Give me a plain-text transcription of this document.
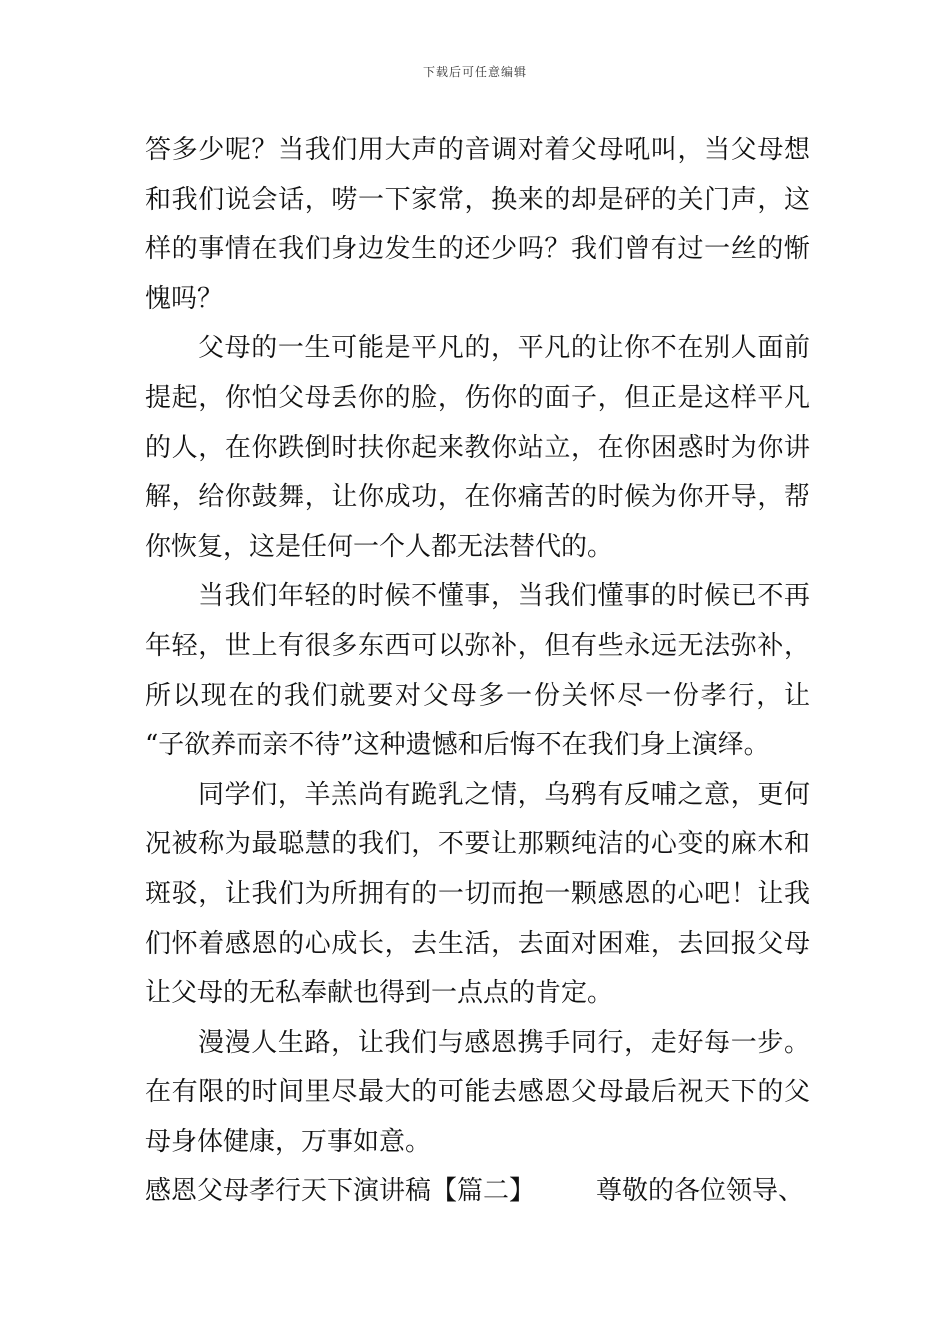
下载后可任意编辑
答多少呢？当我们用大声的音调对着父母吼叫，当父母想
和我们说会话，唠一下家常，换来的却是砰的关门声，这
样的事情在我们身边发生的还少吗？我们曾有过一丝的惭
愧吗？
父母的一生可能是平凡的，平凡的让你不在别人面前
提起，你怕父母丢你的脸，伤你的面子，但正是这样平凡
的人，在你跌倒时扶你起来教你站立，在你困惑时为你讲
解，给你鼓舞，让你成功，在你痛苦的时候为你开导，帮
你恢复，这是任何一个人都无法替代的。
当我们年轻的时候不懂事，当我们懂事的时候已不再
年轻，世上有很多东西可以弥补，但有些永远无法弥补，
所以现在的我们就要对父母多一份关怀尽一份孝行，让
“子欲养而亲不待”这种遗憾和后悔不在我们身上演绎。
同学们，羊羔尚有跪乳之情，乌鸦有反哺之意，更何
况被称为最聪慧的我们，不要让那颗纯洁的心变的麻木和
斑驳，让我们为所拥有的一切而抱一颗感恩的心吧！让我
们怀着感恩的心成长，去生活，去面对困难，去回报父母
让父母的无私奉献也得到一点点的肯定。
漫漫人生路，让我们与感恩携手同行，走好每一步。
在有限的时间里尽最大的可能去感恩父母最后祝天下的父
母身体健康，万事如意。
感恩父母孝行天下演讲稿【篇二】 尊敬的各位领导、
